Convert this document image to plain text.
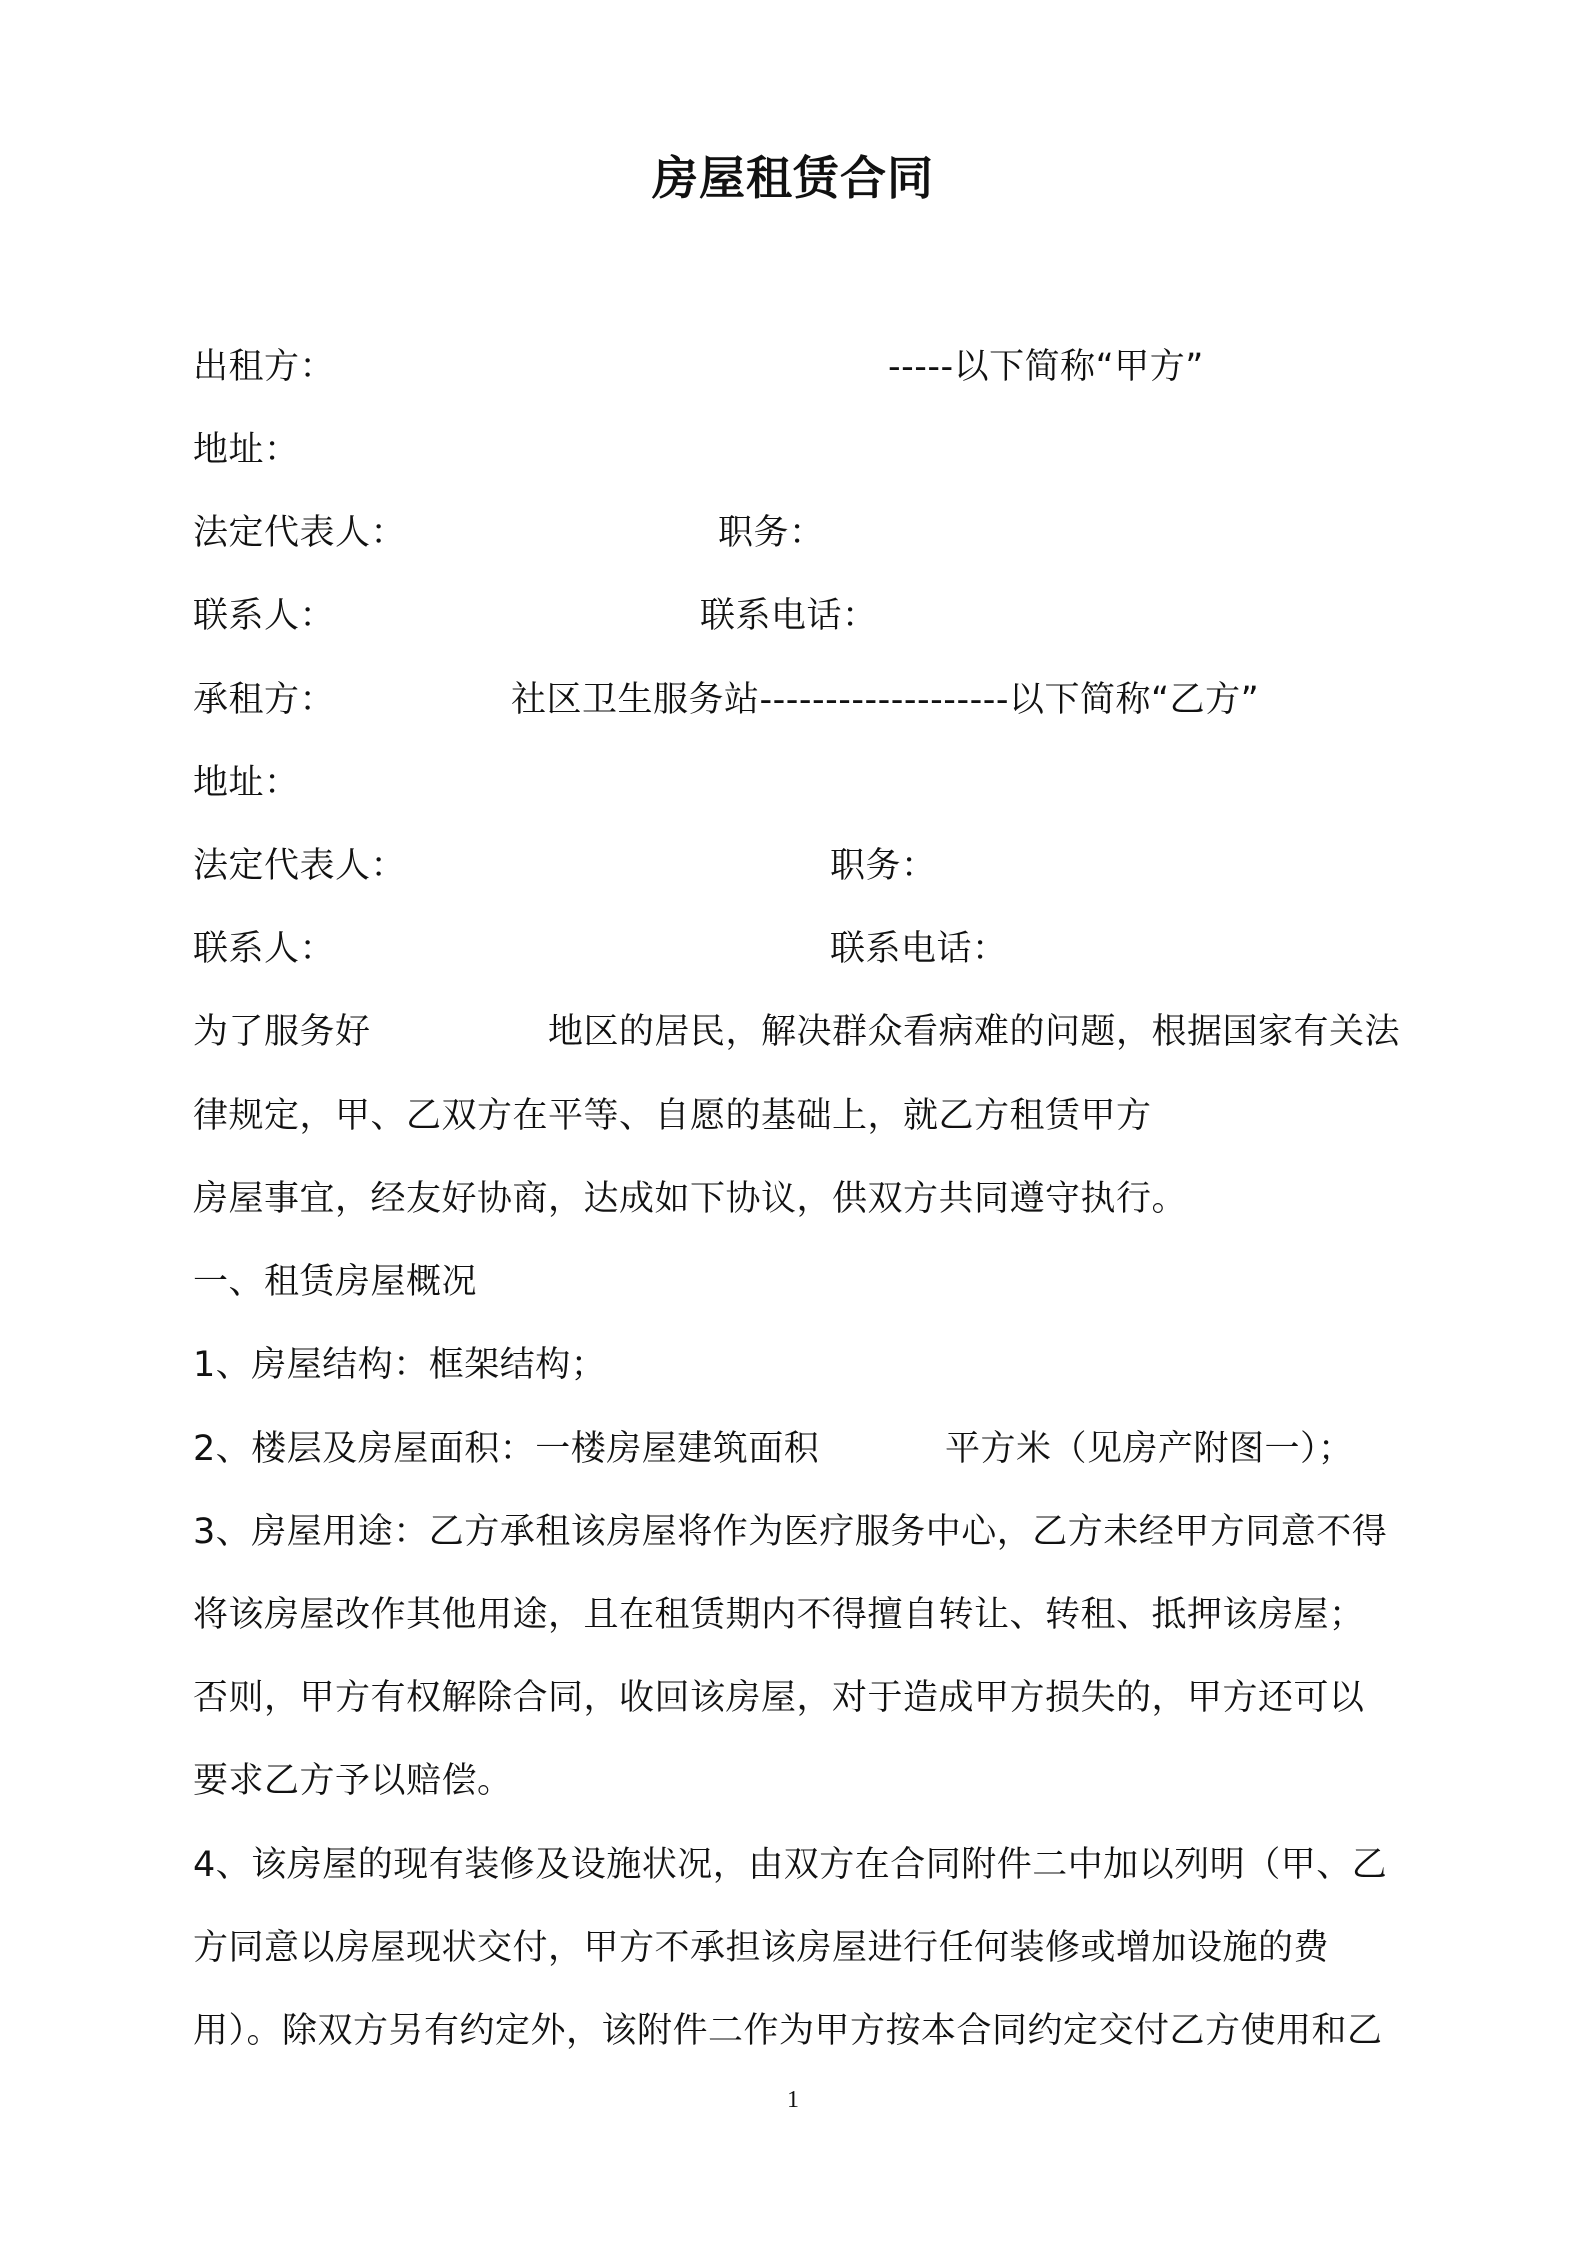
房屋租赁合同
出租方：	-----以下简称“甲方”
地址：
法定代表人：	职务：
联系人：	联系电话：
承租方：	社区卫生服务站-------------------以下简称“乙方”
地址：
法定代表人：	职务：
联系人：	联系电话：
为了服务好	地区的居民，解决群众看病难的问题，根据国家有关法
律规定，甲、乙双方在平等、自愿的基础上，就乙方租赁甲方
房屋事宜，经友好协商，达成如下协议，供双方共同遵守执行。
一、租赁房屋概况
1、房屋结构：框架结构；
2、楼层及房屋面积：一楼房屋建筑面积	平方米（见房产附图一）；
3、房屋用途：乙方承租该房屋将作为医疗服务中心，乙方未经甲方同意不得
将该房屋改作其他用途，且在租赁期内不得擅自转让、转租、抵押该房屋；
否则，甲方有权解除合同，收回该房屋，对于造成甲方损失的，甲方还可以
要求乙方予以赔偿。
4、该房屋的现有装修及设施状况，由双方在合同附件二中加以列明（甲、乙
方同意以房屋现状交付，甲方不承担该房屋进行任何装修或增加设施的费
用）。除双方另有约定外，该附件二作为甲方按本合同约定交付乙方使用和乙
1
